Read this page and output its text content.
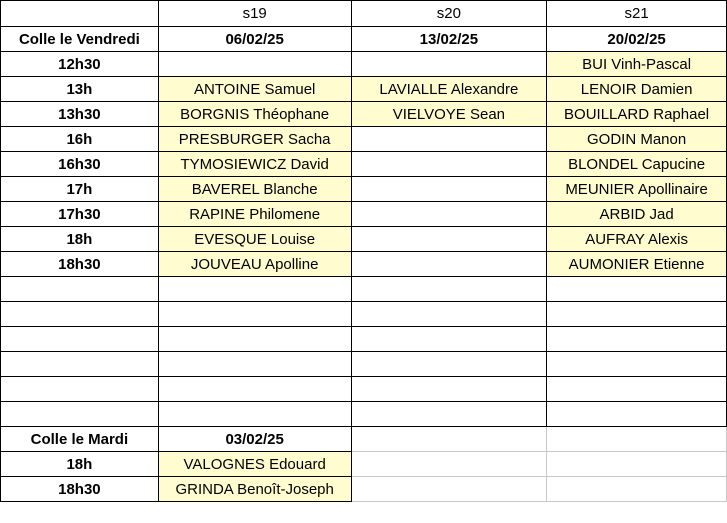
	s19	s20	s21
Colle le Vendredi	06/02/25	13/02/25	20/02/25
12h30			BUI Vinh-Pascal
13h	ANTOINE Samuel	LAVIALLE Alexandre	LENOIR Damien
13h30	BORGNIS Théophane	VIELVOYE Sean	BOUILLARD Raphael
16h	PRESBURGER Sacha		GODIN Manon
16h30	TYMOSIEWICZ David		BLONDEL Capucine
17h	BAVEREL Blanche		MEUNIER Apollinaire
17h30	RAPINE Philomene		ARBID Jad
18h	EVESQUE Louise		AUFRAY Alexis
18h30	JOUVEAU Apolline		AUMONIER Etienne

Colle le Mardi	03/02/25		
18h	VALOGNES Edouard		
18h30	GRINDA Benoît-Joseph		
